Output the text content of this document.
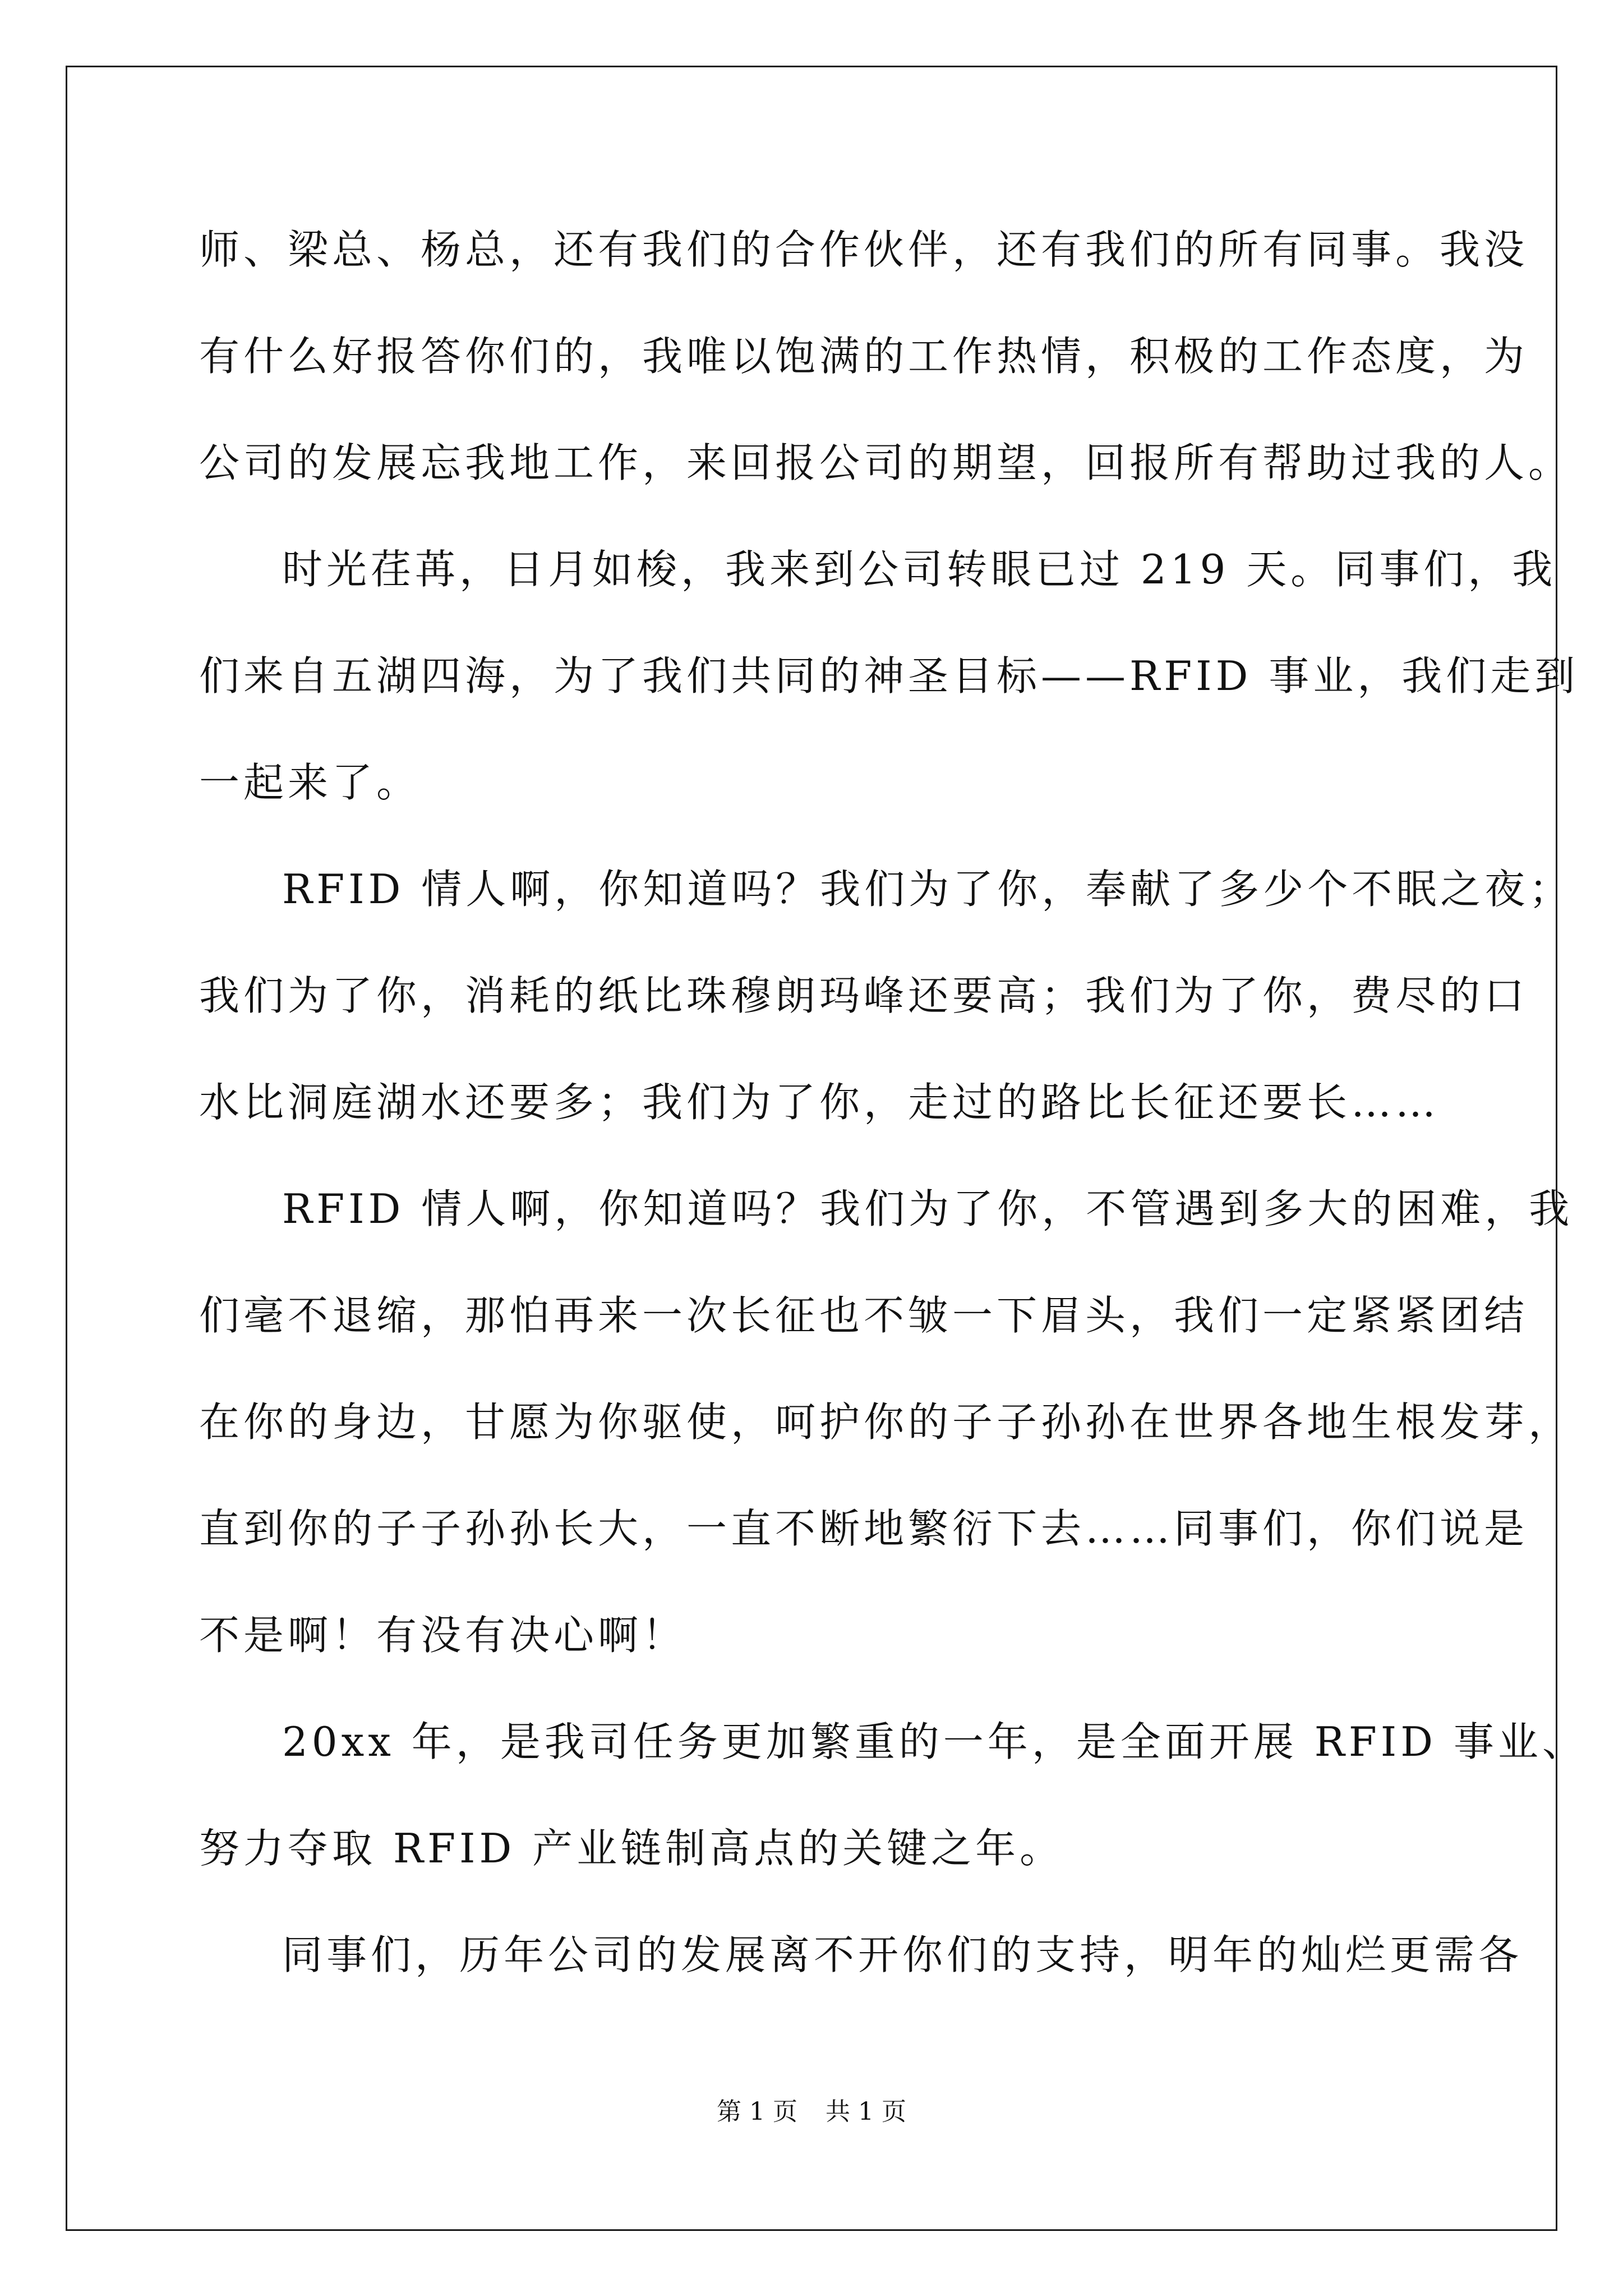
师、梁总、杨总，还有我们的合作伙伴，还有我们的所有同事。我没
有什么好报答你们的，我唯以饱满的工作热情，积极的工作态度，为
公司的发展忘我地工作，来回报公司的期望，回报所有帮助过我的人。
时光荏苒，日月如梭，我来到公司转眼已过 219 天。同事们，我
们来自五湖四海，为了我们共同的神圣目标——RFID 事业，我们走到
一起来了。
RFID 情人啊，你知道吗？我们为了你，奉献了多少个不眠之夜；
我们为了你，消耗的纸比珠穆朗玛峰还要高；我们为了你，费尽的口
水比洞庭湖水还要多；我们为了你，走过的路比长征还要长……
RFID 情人啊，你知道吗？我们为了你，不管遇到多大的困难，我
们毫不退缩，那怕再来一次长征也不皱一下眉头，我们一定紧紧团结
在你的身边，甘愿为你驱使，呵护你的子子孙孙在世界各地生根发芽，
直到你的子子孙孙长大，一直不断地繁衍下去……同事们，你们说是
不是啊！有没有决心啊！
20xx 年，是我司任务更加繁重的一年，是全面开展 RFID 事业、
努力夺取 RFID 产业链制高点的关键之年。
同事们，历年公司的发展离不开你们的支持，明年的灿烂更需各
第 1 页 共 1 页
